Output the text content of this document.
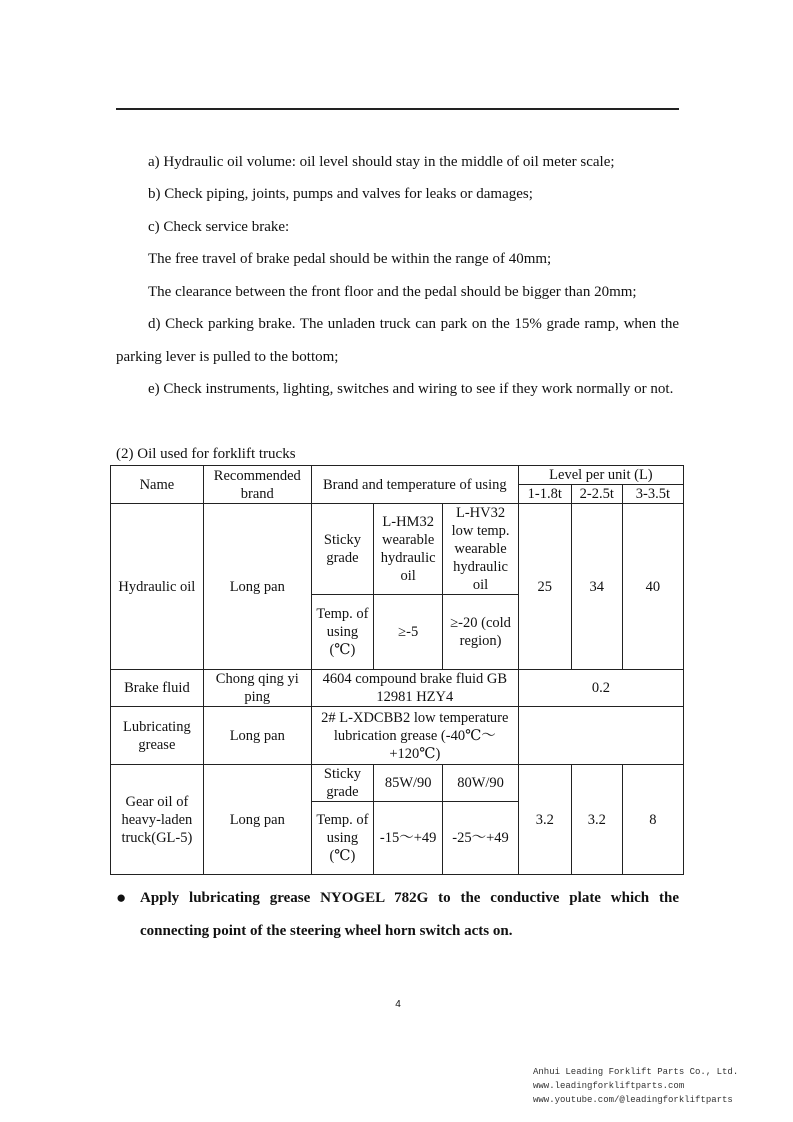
a) Hydraulic oil volume: oil level should stay in the middle of oil meter scale;

b) Check piping, joints, pumps and valves for leaks or damages;

c) Check service brake:

The free travel of brake pedal should be within the range of 40mm;

The clearance between the front floor and the pedal should be bigger than 20mm;

d) Check parking brake. The unladen truck can park on the 15% grade ramp, when the parking lever is pulled to the bottom;

e) Check instruments, lighting, switches and wiring to see if they work normally or not.

(2) Oil used for forklift trucks
Name	Recommended brand	Brand and temperature of using			Level per unit (L)		
					1-1.8t	2-2.5t	3-3.5t
Hydraulic oil	Long pan	Sticky grade	L-HM32 wearable hydraulic oil	L-HV32 low temp. wearable hydraulic oil	25	34	40
		Temp. of using (℃)	≥-5	≥-20 (cold region)			
Brake fluid	Chong qing yi ping	4604 compound brake fluid GB 12981 HZY4			0.2		
Lubricating grease	Long pan	2# L-XDCBB2 low temperature lubrication grease (-40℃～+120℃)					
Gear oil of heavy-laden truck(GL-5)	Long pan	Sticky grade	85W/90	80W/90	3.2	3.2	8
		Temp. of using (℃)	-15～+49	-25～+49			
● Apply lubricating grease NYOGEL 782G to the conductive plate which the connecting point of the steering wheel horn switch acts on.

4
Anhui Leading Forklift Parts Co., Ltd.
www.leadingforkliftparts.com
www.youtube.com/@leadingforkliftparts
